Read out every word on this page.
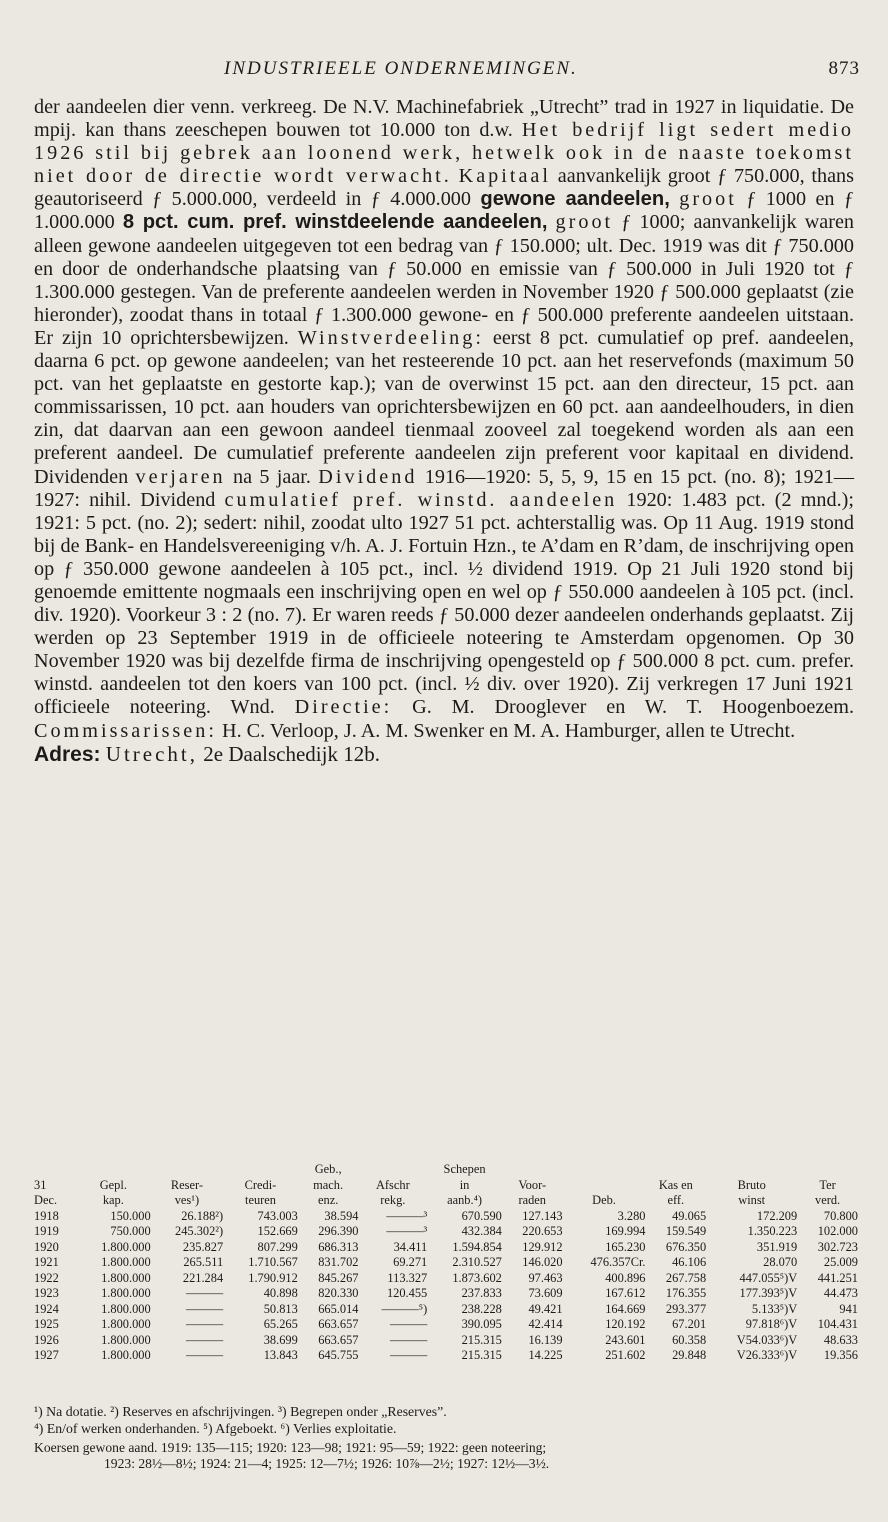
INDUSTRIEELE ONDERNEMINGEN.	873

der aandeelen dier venn. verkreeg. De N.V. Machinefabriek „Utrecht” trad in 1927 in liquidatie. De mpij. kan thans zeeschepen bouwen tot 10.000 ton d.w. Het bedrijf ligt sedert medio 1926 stil bij gebrek aan loonend werk, hetwelk ook in de naaste toekomst niet door de directie wordt verwacht. Kapitaal aanvankelijk groot ƒ 750.000, thans geautoriseerd ƒ 5.000.000, verdeeld in ƒ 4.000.000 gewone aandeelen, groot ƒ 1000 en ƒ 1.000.000 8 pct. cum. pref. winstdeelende aandeelen, groot ƒ 1000; aanvankelijk waren alleen gewone aandeelen uitgegeven tot een bedrag van ƒ 150.000; ult. Dec. 1919 was dit ƒ 750.000 en door de onderhandsche plaatsing van ƒ 50.000 en emissie van ƒ 500.000 in Juli 1920 tot ƒ 1.300.000 gestegen. Van de preferente aandeelen werden in November 1920 ƒ 500.000 geplaatst (zie hieronder), zoodat thans in totaal ƒ 1.300.000 gewone- en ƒ 500.000 preferente aandeelen uitstaan. Er zijn 10 oprichtersbewijzen. Winstverdeeling: eerst 8 pct. cumulatief op pref. aandeelen, daarna 6 pct. op gewone aandeelen; van het resteerende 10 pct. aan het reservefonds (maximum 50 pct. van het geplaatste en gestorte kap.); van de overwinst 15 pct. aan den directeur, 15 pct. aan commissarissen, 10 pct. aan houders van oprichtersbewijzen en 60 pct. aan aandeelhouders, in dien zin, dat daarvan aan een gewoon aandeel tienmaal zooveel zal toegekend worden als aan een preferent aandeel. De cumulatief preferente aandeelen zijn preferent voor kapitaal en dividend. Dividenden verjaren na 5 jaar. Dividend 1916—1920: 5, 5, 9, 15 en 15 pct. (no. 8); 1921—1927: nihil. Dividend cumulatief pref. winstd. aandeelen 1920: 1.483 pct. (2 mnd.); 1921: 5 pct. (no. 2); sedert: nihil, zoodat ulto 1927 51 pct. achterstallig was. Op 11 Aug. 1919 stond bij de Bank- en Handelsvereeniging v/h. A. J. Fortuin Hzn., te A’dam en R’dam, de inschrijving open op ƒ 350.000 gewone aandeelen à 105 pct., incl. ½ dividend 1919. Op 21 Juli 1920 stond bij genoemde emittente nogmaals een inschrijving open en wel op ƒ 550.000 aandeelen à 105 pct. (incl. div. 1920). Voorkeur 3 : 2 (no. 7). Er waren reeds ƒ 50.000 dezer aandeelen onderhands geplaatst. Zij werden op 23 September 1919 in de officieele noteering te Amsterdam opgenomen. Op 30 November 1920 was bij dezelfde firma de inschrijving opengesteld op ƒ 500.000 8 pct. cum. prefer. winstd. aandeelen tot den koers van 100 pct. (incl. ½ div. over 1920). Zij verkregen 17 Juni 1921 officieele noteering. Wnd. Directie: G. M. Drooglever en W. T. Hoogenboezem. Commissarissen: H. C. Verloop, J. A. M. Swenker en M. A. Hamburger, allen te Utrecht.

Adres: Utrecht, 2e Daalschedijk 12b.

				Geb.,		Schepen					
31	Gepl.	Reser-	Credi-	mach.	Afschr	in	Voor-		Kas en	Bruto	Ter
Dec.	kap.	ves¹)	teuren	enz.	rekg.	aanb.⁴)	raden	Deb.	eff.	winst	verd.
1918	150.000	26.188²)	743.003	38.594	———³	670.590	127.143	3.280	49.065	172.209	70.800
1919	750.000	245.302²)	152.669	296.390	———³	432.384	220.653	169.994	159.549	1.350.223	102.000
1920	1.800.000	235.827	807.299	686.313	34.411	1.594.854	129.912	165.230	676.350	351.919	302.723
1921	1.800.000	265.511	1.710.567	831.702	69.271	2.310.527	146.020	476.357Cr.	46.106	28.070	25.009
1922	1.800.000	221.284	1.790.912	845.267	113.327	1.873.602	97.463	400.896	267.758	447.055⁵)V	441.251
1923	1.800.000	———	40.898	820.330	120.455	237.833	73.609	167.612	176.355	177.393⁵)V	44.473
1924	1.800.000	———	50.813	665.014	———⁵)	238.228	49.421	164.669	293.377	5.133⁵)V	941
1925	1.800.000	———	65.265	663.657	———	390.095	42.414	120.192	67.201	97.818⁶)V	104.431
1926	1.800.000	———	38.699	663.657	———	215.315	16.139	243.601	60.358	V54.033⁶)V	48.633
1927	1.800.000	———	13.843	645.755	———	215.315	14.225	251.602	29.848	V26.333⁶)V	19.356

¹) Na dotatie. ²) Reserves en afschrijvingen. ³) Begrepen onder „Reserves”.

⁴) En/of werken onderhanden. ⁵) Afgeboekt. ⁶) Verlies exploitatie.

Koersen gewone aand. 1919: 135—115; 1920: 123—98; 1921: 95—59; 1922: geen noteering;

1923: 28½—8½; 1924: 21—4; 1925: 12—7½; 1926: 10⅞—2½; 1927: 12½—3½.
